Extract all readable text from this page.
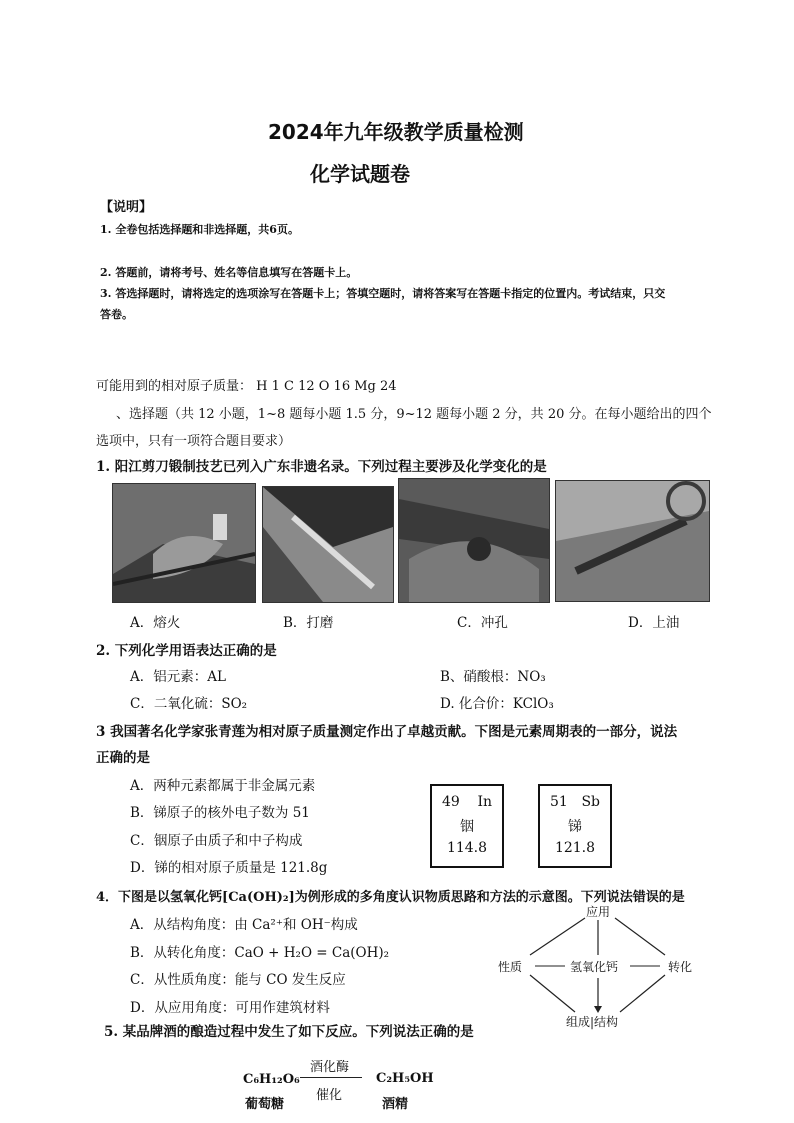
2024年九年级教学质量检测
化学试题卷
【说明】
1. 全卷包括选择题和非选择题，共6页。
2. 答题前，请将考号、姓名等信息填写在答题卡上。
3. 答选择题时，请将选定的选项涂写在答题卡上；答填空题时，请将答案写在答题卡指定的位置内。考试结束，只交
答卷。
可能用到的相对原子质量： H 1 C 12 O 16 Mg 24
、选择题（共 12 小题，1~8 题每小题 1.5 分，9~12 题每小题 2 分，共 20 分。在每小题给出的四个
选项中，只有一项符合题目要求）
1. 阳江剪刀锻制技艺已列入广东非遗名录。下列过程主要涉及化学变化的是
A．熔火	B．打磨	C．冲孔	D．上油
2. 下列化学用语表达正确的是
A．铝元素：AL	B、硝酸根：NO₃
C．二氧化硫：SO₂	D. 化合价：KClO₃
3 我国著名化学家张青莲为相对原子质量测定作出了卓越贡献。下图是元素周期表的一部分，说法
正确的是
A．两种元素都属于非金属元素
B．锑原子的核外电子数为 51
C．铟原子由质子和中子构成
D．锑的相对原子质量是 121.8g
49 In
铟
114.8
51 Sb
锑
121.8
4．下图是以氢氧化钙[Ca(OH)₂]为例形成的多角度认识物质思路和方法的示意图。下列说法错误的是
A．从结构角度：由 Ca²⁺和 OH⁻构成
B．从转化角度：CaO + H₂O = Ca(OH)₂
C．从性质角度：能与 CO 发生反应
D．从应用角度：可用作建筑材料
应用
性质	氢氧化钙	转化
组成|结构
5. 某品牌酒的酿造过程中发生了如下反应。下列说法正确的是
C₆H₁₂O₆
葡萄糖
酒化酶
催化
C₂H₅OH
酒精
